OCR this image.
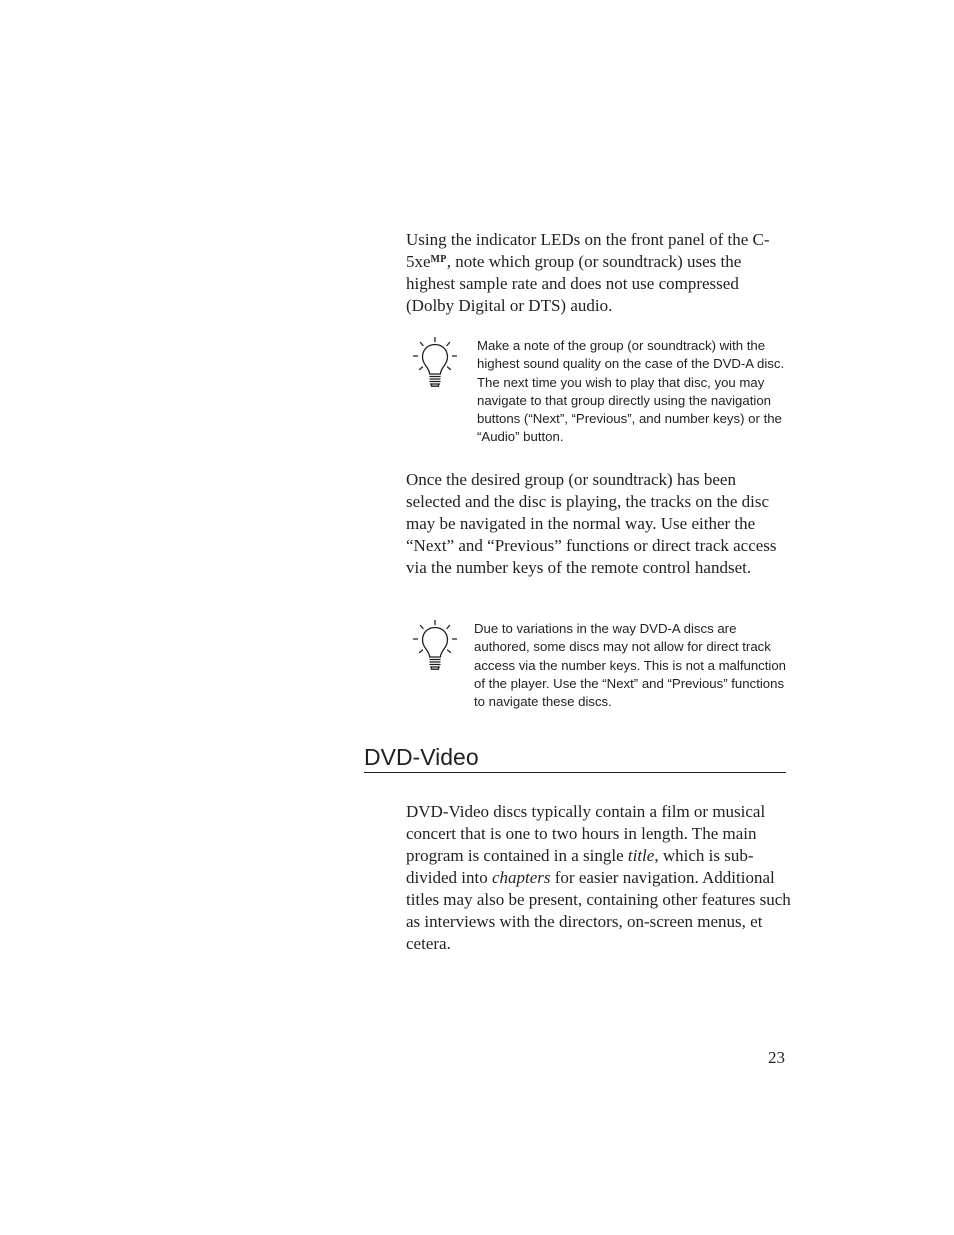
Using the indicator LEDs on the front panel of the $C-5xe^{MP}$, note which group (or soundtrack) uses the highest sample rate and does not use compressed (Dolby Digital or DTS) audio.

Make a note of the group (or soundtrack) with the highest sound quality on the case of the DVD-A disc. The next time you wish to play that disc, you may navigate to that group directly using the navigation buttons (“Next”, “Previous”, and number keys) or the “Audio” button.

Once the desired group (or soundtrack) has been selected and the disc is playing, the tracks on the disc may be navigated in the normal way. Use either the “Next” and “Previous” functions or direct track access via the number keys of the remote control handset.

Due to variations in the way DVD-A discs are authored, some discs may not allow for direct track access via the number keys. This is not a malfunction of the player. Use the “Next” and “Previous” functions to navigate these discs.

DVD-Video

DVD-Video discs typically contain a film or musical concert that is one to two hours in length. The main program is contained in a single title, which is sub-divided into chapters for easier navigation. Additional titles may also be present, containing other features such as interviews with the directors, on-screen menus, et cetera.

23
